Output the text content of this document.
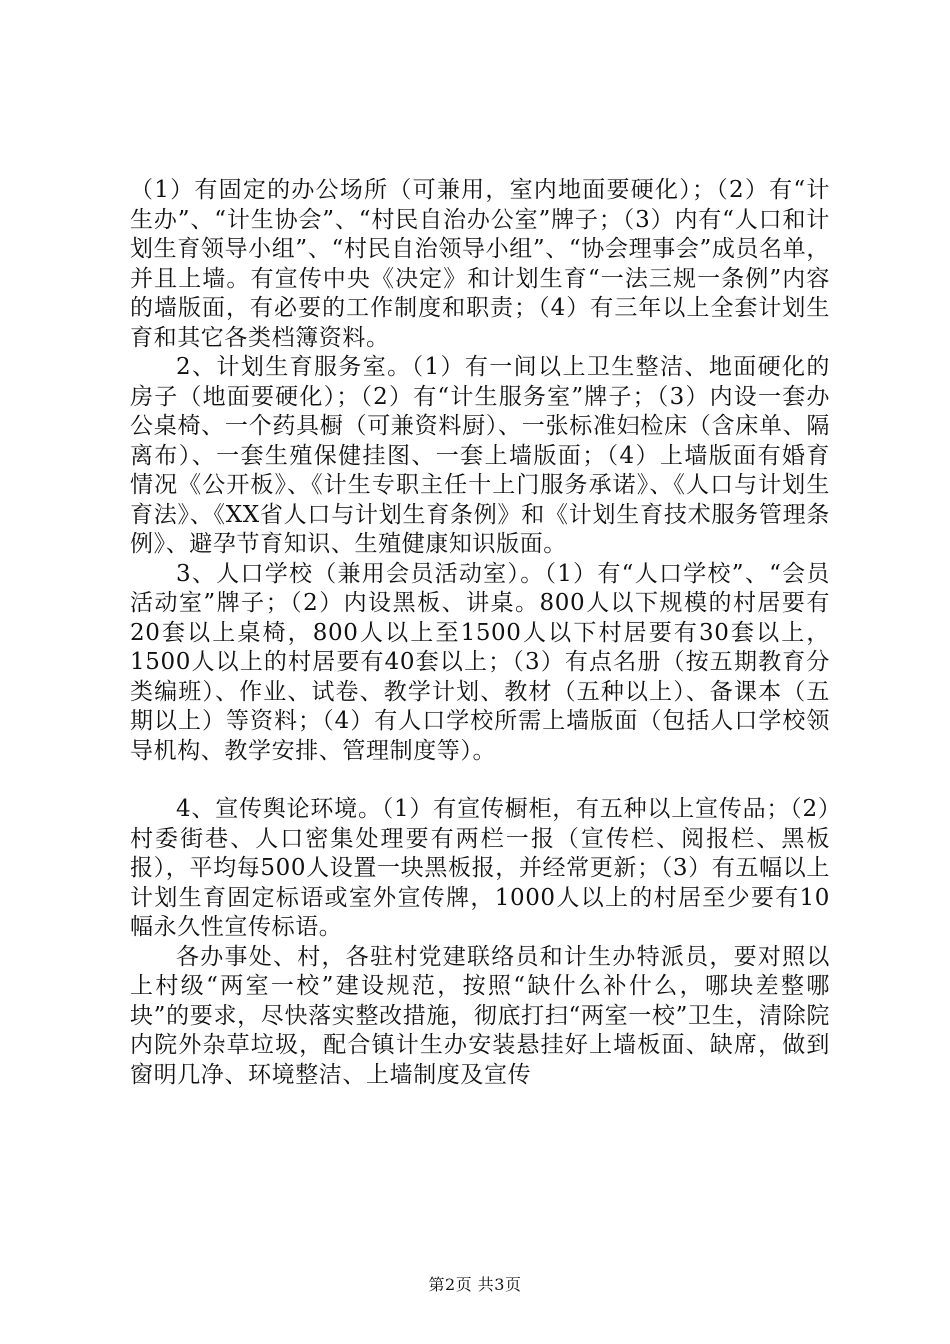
（1）有固定的办公场所（可兼用，室内地面要硬化）；（2）有“计生办”、“计生协会”、“村民自治办公室”牌子；（3）内有“人口和计划生育领导小组”、“村民自治领导小组”、“协会理事会”成员名单，并且上墙。有宣传中央《决定》和计划生育“一法三规一条例”内容的墙版面，有必要的工作制度和职责；（4）有三年以上全套计划生育和其它各类档簿资料。

2、计划生育服务室。（1）有一间以上卫生整洁、地面硬化的房子（地面要硬化）；（2）有“计生服务室”牌子；（3）内设一套办公桌椅、一个药具橱（可兼资料厨）、一张标准妇检床（含床单、隔离布）、一套生殖保健挂图、一套上墙版面；（4）上墙版面有婚育情况《公开板》、《计生专职主任十上门服务承诺》、《人口与计划生育法》、《XX省人口与计划生育条例》和《计划生育技术服务管理条例》、避孕节育知识、生殖健康知识版面。

3、人口学校（兼用会员活动室）。（1）有“人口学校”、“会员活动室”牌子；（2）内设黑板、讲桌。800人以下规模的村居要有20套以上桌椅，800人以上至1500人以下村居要有30套以上，1500人以上的村居要有40套以上；（3）有点名册（按五期教育分类编班）、作业、试卷、教学计划、教材（五种以上）、备课本（五期以上）等资料；（4）有人口学校所需上墙版面（包括人口学校领导机构、教学安排、管理制度等）。

4、宣传舆论环境。（1）有宣传橱柜，有五种以上宣传品；（2）村委街巷、人口密集处理要有两栏一报（宣传栏、阅报栏、黑板报），平均每500人设置一块黑板报，并经常更新；（3）有五幅以上计划生育固定标语或室外宣传牌，1000人以上的村居至少要有10幅永久性宣传标语。

各办事处、村，各驻村党建联络员和计生办特派员，要对照以上村级“两室一校”建设规范，按照“缺什么补什么，哪块差整哪块”的要求，尽快落实整改措施，彻底打扫“两室一校”卫生，清除院内院外杂草垃圾，配合镇计生办安装悬挂好上墙板面、缺席，做到窗明几净、环境整洁、上墙制度及宣传

第2页 共3页
